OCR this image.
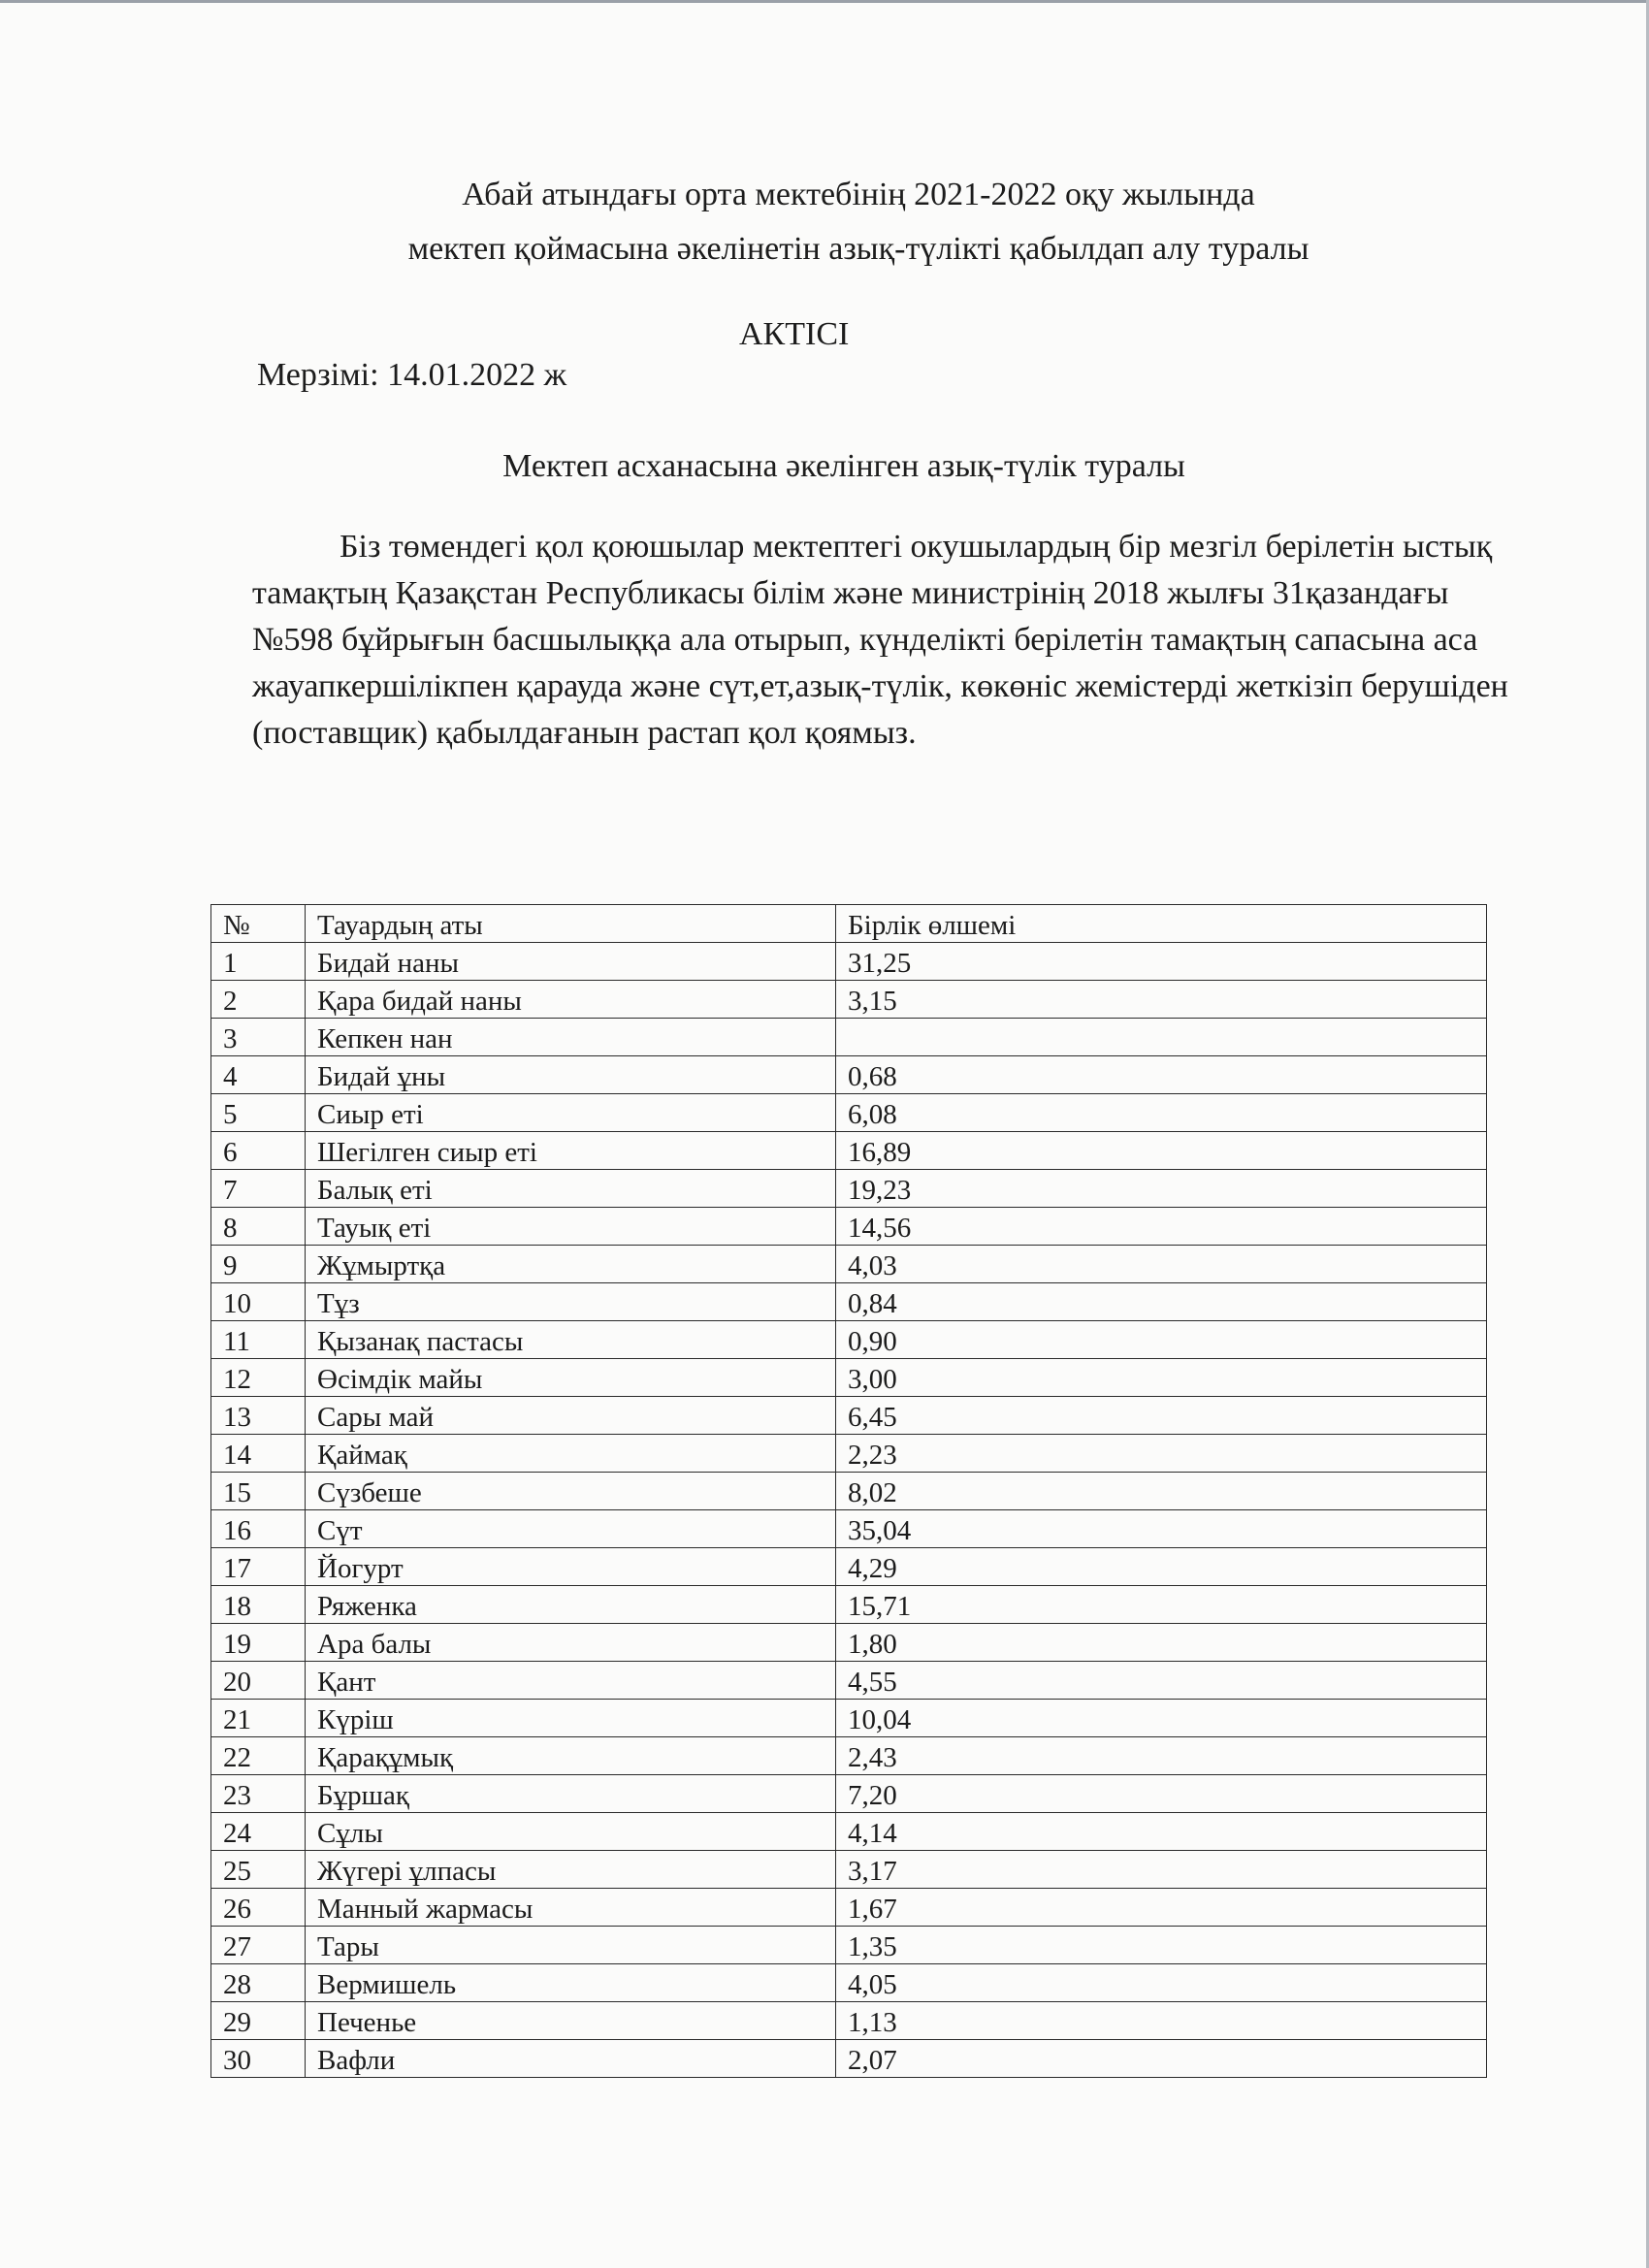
Абай атындағы орта мектебінің 2021-2022 оқу жылында
мектеп қоймасына әкелінетін азық-түлікті қабылдап алу туралы
АКТІСІ
Мерзімі: 14.01.2022 ж
Мектеп асханасына әкелінген азық-түлік туралы
Біз төмендегі қол қоюшылар мектептегі окушылардың бір мезгіл берілетін ыстық тамақтың Қазақстан Республикасы білім және министрінің 2018 жылғы 31қазандағы №598 бұйрығын басшылыққа ала отырып, күнделікті берілетін тамақтың сапасына аса жауапкершілікпен қарауда және сүт,ет,азық-түлік, көкөніс жемістерді жеткізіп берушіден (поставщик) қабылдағанын растап қол қоямыз.
№	Тауардың аты	Бірлік өлшемі
1	Бидай наны	31,25
2	Қара бидай наны	3,15
3	Кепкен нан	
4	Бидай ұны	0,68
5	Сиыр еті	6,08
6	Шегілген сиыр еті	16,89
7	Балық еті	19,23
8	Тауық еті	14,56
9	Жұмыртқа	4,03
10	Тұз	0,84
11	Қызанақ пастасы	0,90
12	Өсімдік майы	3,00
13	Сары май	6,45
14	Қаймақ	2,23
15	Сүзбеше	8,02
16	Сүт	35,04
17	Йогурт	4,29
18	Ряженка	15,71
19	Ара балы	1,80
20	Қант	4,55
21	Күріш	10,04
22	Қарақұмық	2,43
23	Бұршақ	7,20
24	Сұлы	4,14
25	Жүгері ұлпасы	3,17
26	Манный жармасы	1,67
27	Тары	1,35
28	Вермишель	4,05
29	Печенье	1,13
30	Вафли	2,07
